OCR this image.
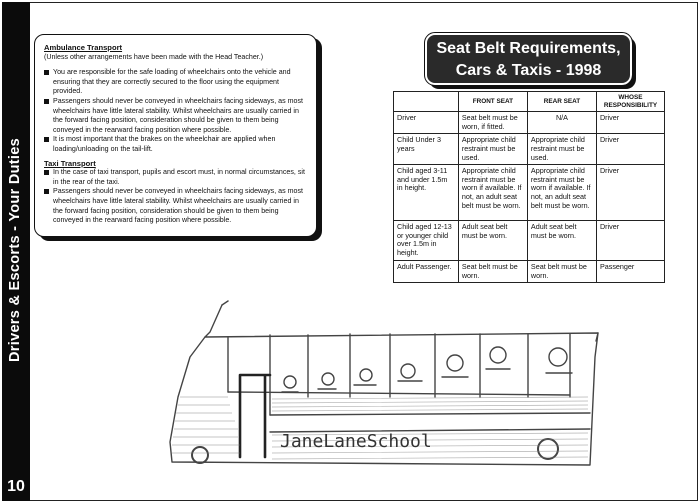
Drivers & Escorts - Your Duties
10
Ambulance Transport

(Unless other arrangements have been made with the Head Teacher.)

You are responsible for the safe loading of wheelchairs onto the vehicle and ensuring that they are correctly secured to the floor using the equipment provided.
Passengers should never be conveyed in wheelchairs facing sideways, as most wheelchairs have little lateral stability. Whilst wheelchairs are usually carried in the forward facing position, consideration should be given to them being conveyed in the rearward facing position where possible.
It is most important that the brakes on the wheelchair are applied when loading/unloading on the tail-lift.
Taxi Transport
In the case of taxi transport, pupils and escort must, in normal circumstances, sit in the rear of the taxi.
Passengers should never be conveyed in wheelchairs facing sideways, as most wheelchairs have little lateral stability. Whilst wheelchairs are usually carried in the forward facing position, consideration should be given to them being conveyed in the rearward facing position where possible.
Seat Belt Requirements,
Cars & Taxis - 1998
	FRONT SEAT	REAR SEAT	WHOSE RESPONSIBILITY
Driver	Seat belt must be worn, if fitted.	N/A	Driver
Child Under 3 years	Appropriate child restraint must be used.	Appropriate child restraint must be used.	Driver
Child aged 3-11 and under 1.5m in height.	Appropriate child restraint must be worn if available. If not, an adult seat belt must be worn.	Appropriate child restraint must be worn if available. If not, an adult seat belt must be worn.	Driver
Child aged 12-13 or younger child over 1.5m in height.	Adult seat belt must be worn.	Adult seat belt must be worn.	Driver
Adult Passenger.	Seat belt must be worn.	Seat belt must be worn.	Passenger
JaneLaneSchool
